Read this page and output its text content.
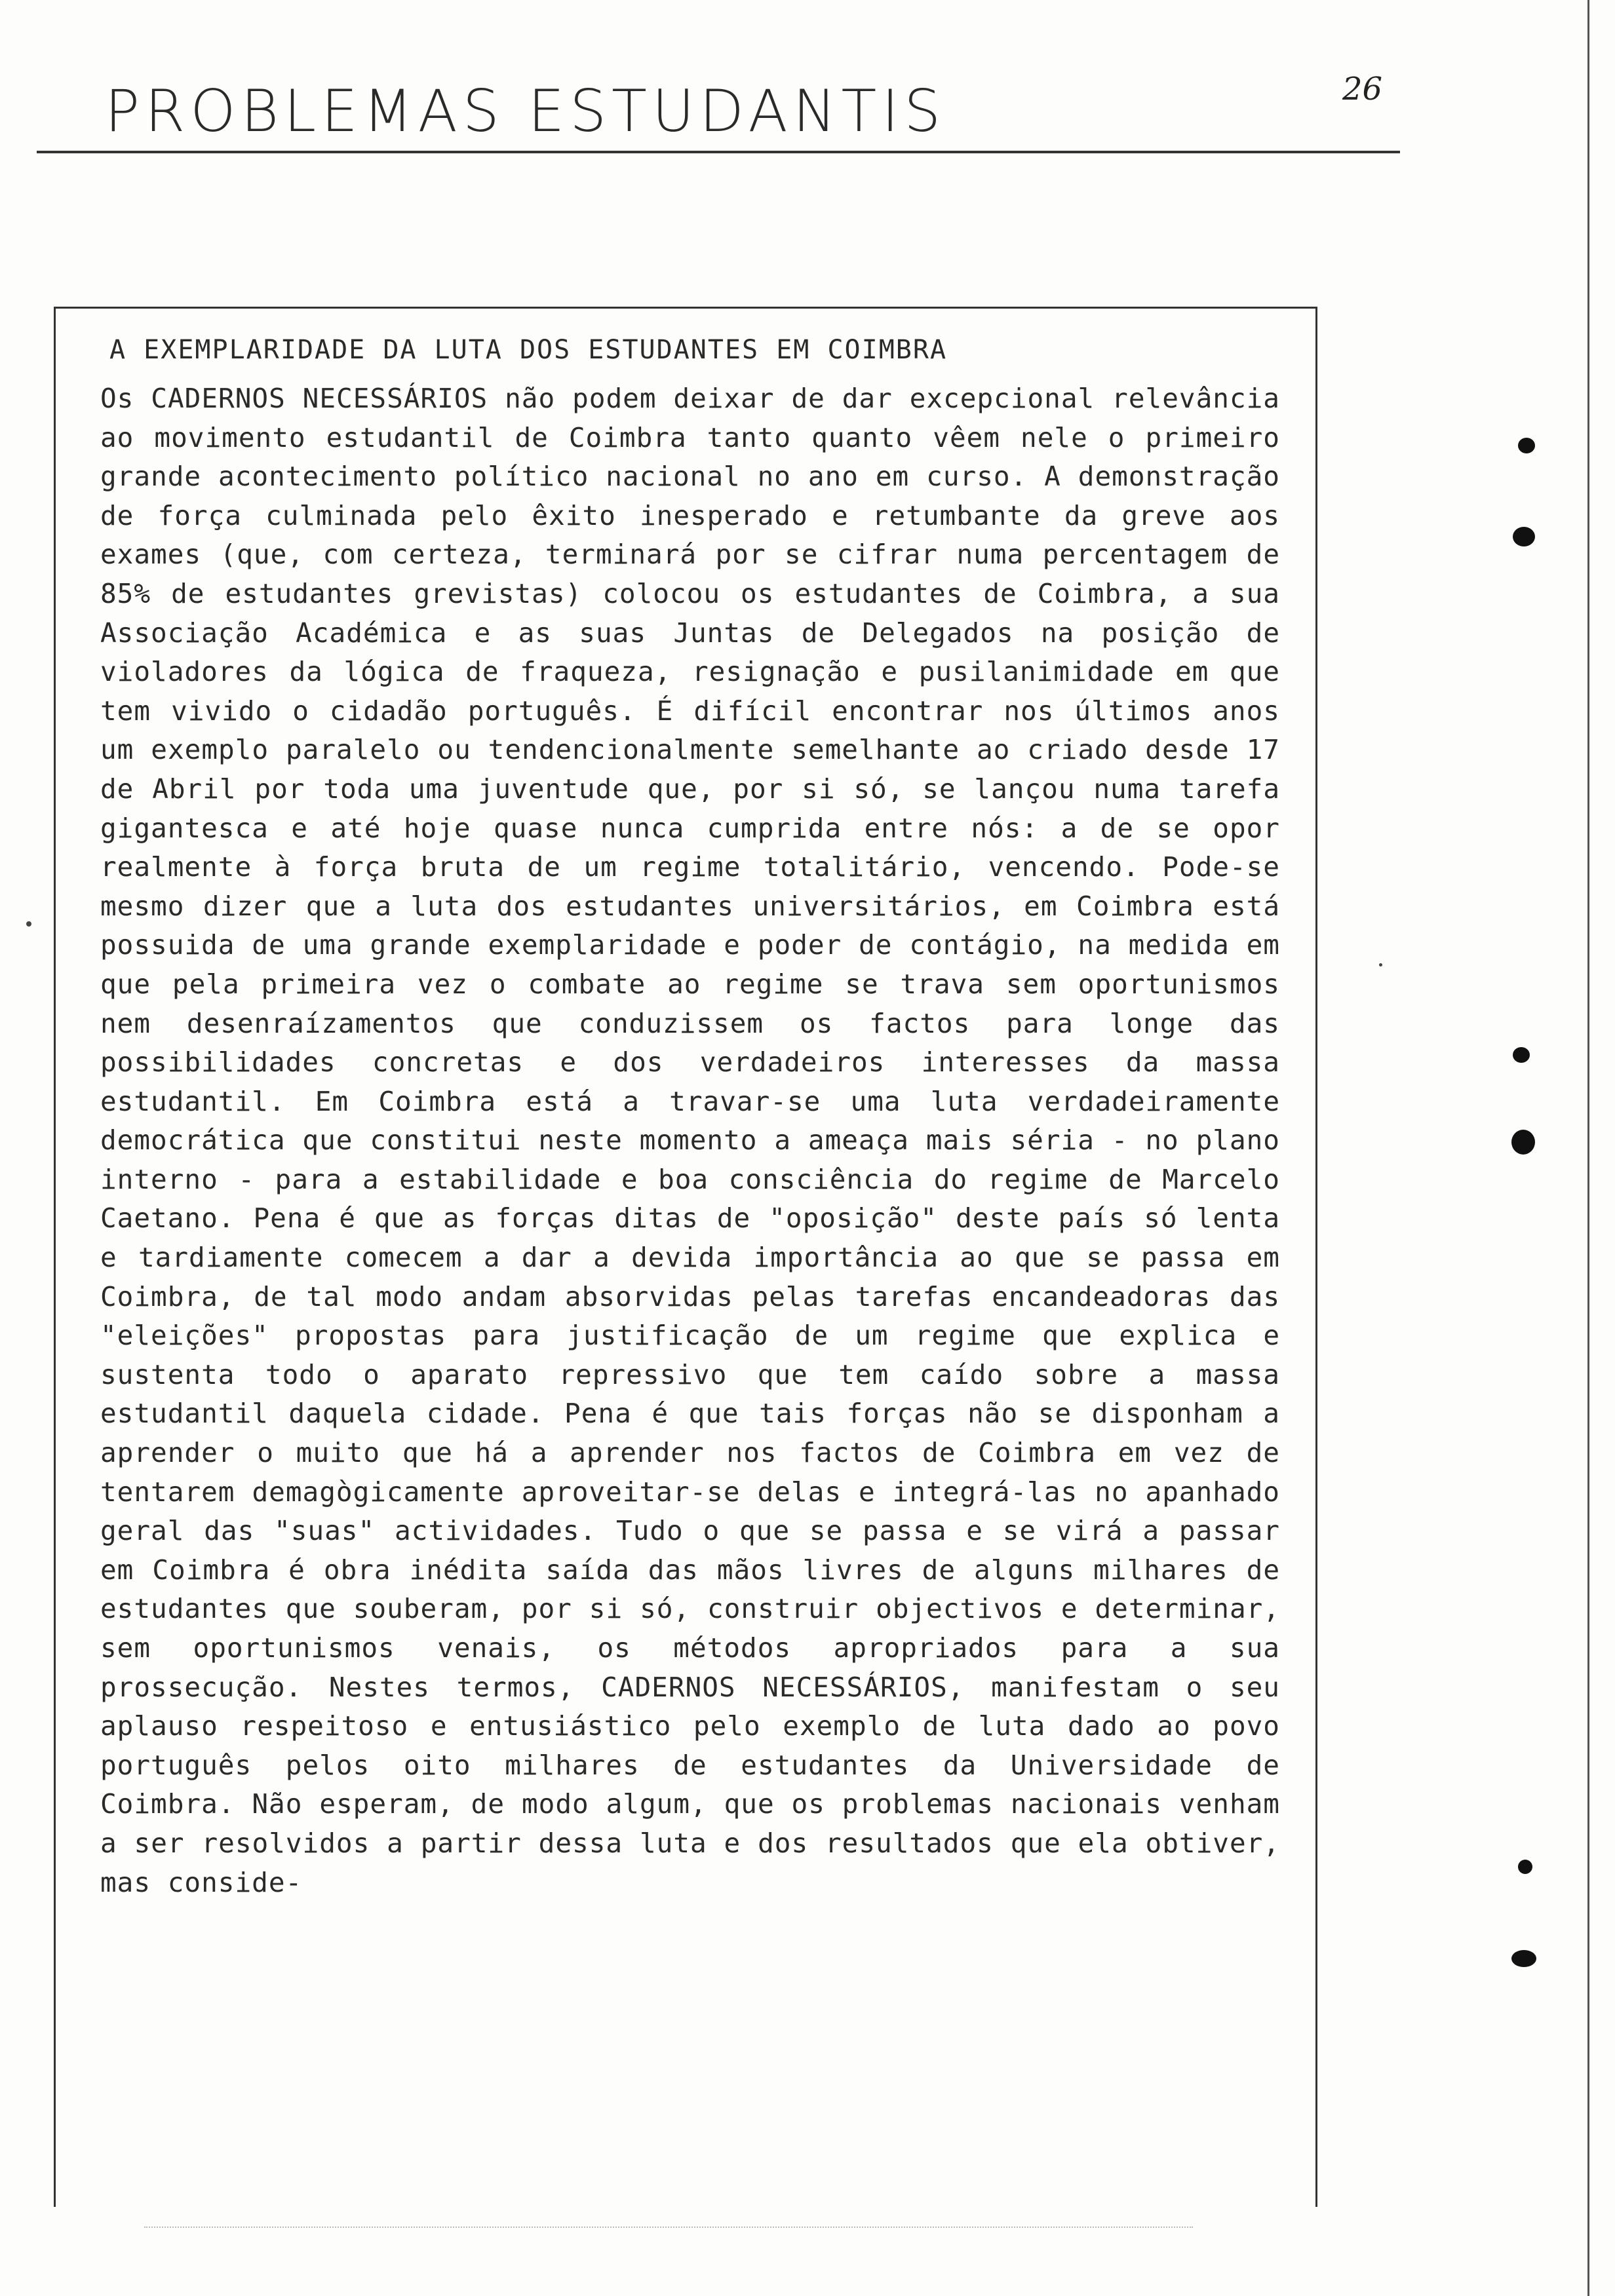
PROBLEMAS ESTUDANTIS	26
A EXEMPLARIDADE DA LUTA DOS ESTUDANTES EM COIMBRA
Os CADERNOS NECESSÁRIOS não podem deixar de dar excepcional relevância ao movimento estudantil de Coimbra tanto quanto vêem nele o primeiro grande acontecimento político nacional no ano em curso. A demonstração de força culminada pelo êxito inesperado e retumbante da greve aos exames (que, com certeza, terminará por se cifrar numa percentagem de 85% de estudantes grevistas) colocou os estudantes de Coimbra, a sua Associação Académica e as suas Juntas de Delegados na posição de violadores da lógica de fraqueza, resignação e pusilanimidade em que tem vivido o cidadão português. É difícil encontrar nos últimos anos um exemplo paralelo ou tendencionalmente semelhante ao criado desde 17 de Abril por toda uma juventude que, por si só, se lançou numa tarefa gigantesca e até hoje quase nunca cumprida entre nós: a de se opor realmente à força bruta de um regime totalitário, vencendo. Pode-se mesmo dizer que a luta dos estudantes universitários, em Coimbra está possuida de uma grande exemplaridade e poder de contágio, na medida em que pela primeira vez o combate ao regime se trava sem oportunismos nem desenraízamentos que conduzissem os factos para longe das possibilidades concretas e dos verdadeiros interesses da massa estudantil. Em Coimbra está a travar-se uma luta verdadeiramente democrática que constitui neste momento a ameaça mais séria - no plano interno - para a estabilidade e boa consciência do regime de Marcelo Caetano. Pena é que as forças ditas de "oposição" deste país só lenta e tardiamente comecem a dar a devida importância ao que se passa em Coimbra, de tal modo andam absorvidas pelas tarefas encandeadoras das "eleições" propostas para justificação de um regime que explica e sustenta todo o aparato repressivo que tem caído sobre a massa estudantil daquela cidade. Pena é que tais forças não se disponham a aprender o muito que há a aprender nos factos de Coimbra em vez de tentarem demagògicamente aproveitar-se delas e integrá-las no apanhado geral das "suas" actividades. Tudo o que se passa e se virá a passar em Coimbra é obra inédita saída das mãos livres de alguns milhares de estudantes que souberam, por si só, construir objectivos e determinar, sem oportunismos venais, os métodos apropriados para a sua prossecução. Nestes termos, CADERNOS NECESSÁRIOS, manifestam o seu aplauso respeitoso e entusiástico pelo exemplo de luta dado ao povo português pelos oito milhares de estudantes da Universidade de Coimbra. Não esperam, de modo algum, que os problemas nacionais venham a ser resolvidos a partir dessa luta e dos resultados que ela obtiver, mas conside-
